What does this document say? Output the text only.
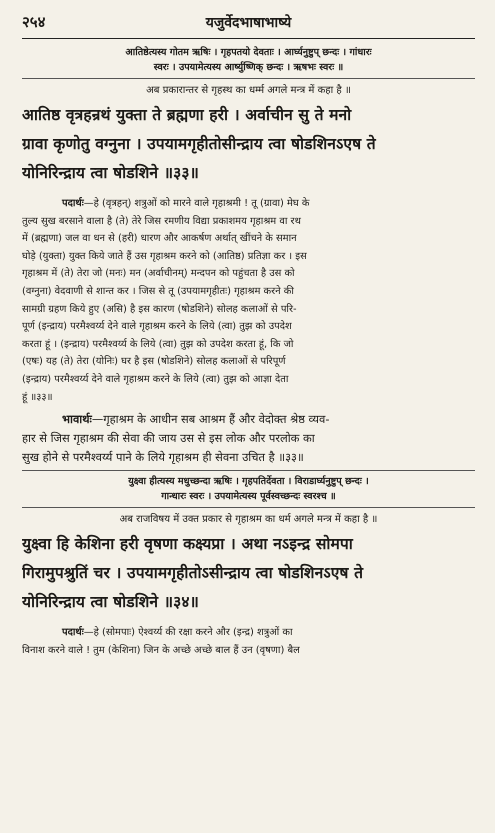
२५४	यजुर्वेदभाषाभाष्ये
आतिष्ठेत्यस्य गोतम ऋषिः । गृहपतयो देवताः । आर्घ्यनुष्टुप् छन्दः । गांधारः
स्वरः । उपयामेत्यस्य आर्ष्युष्णिक् छन्दः । ऋषभः स्वरः ॥
अब प्रकारान्तर से गृहस्थ का धर्म्म अगले मन्त्र में कहा है ॥
आतिष्ठ वृत्रहन्रथं युक्ता ते ब्रह्मणा हरी । अर्वाचीन सु ते मनो
ग्रावा कृणोतु वग्नुना । उपयामगृहीतोसीन्द्राय त्वा षोडशिनऽएष ते
योनिरिन्द्राय त्वा षोडशिने ॥३३॥
पदार्थः—हे (वृत्रहन्) शत्रुओं को मारने वाले गृहाश्रमी ! तू (ग्रावा) मेघ के
तुल्य सुख बरसाने वाला है (ते) तेरे जिस रमणीय विद्या प्रकाशमय गृहाश्रम वा रथ
में (ब्रह्मणा) जल वा धन से (हरी) धारण और आकर्षण अर्थात् खींचने के समान
घोड़े (युक्ता) युक्त किये जाते हैं उस गृहाश्रम करने को (आतिष्ठ) प्रतिज्ञा कर । इस
गृहाश्रम में (ते) तेरा जो (मनः) मन (अर्वाचीनम्) मन्दपन को पहुंचता है उस को
(वग्नुना) वेदवाणी से शान्त कर । जिस से तू (उपयामगृहीतः) गृहाश्रम करने की
सामग्री ग्रहण किये हुए (असि) है इस कारण (षोडशिने) सोलह कलाओं से परि-
पूर्ण (इन्द्राय) परमैश्वर्य्य देने वाले गृहाश्रम करने के लिये (त्वा) तुझ को उपदेश
करता हूं । (इन्द्राय) परमैश्वर्य्य के लिये (त्वा) तुझ को उपदेश करता हूं, कि जो
(एषः) यह (ते) तेरा (योनिः) घर है इस (षोडशिने) सोलह कलाओं से परिपूर्ण
(इन्द्राय) परमैश्वर्य्य देने वाले गृहाश्रम करने के लिये (त्वा) तुझ को आज्ञा देता
हूं ॥३३॥
भावार्थः—गृहाश्रम के आधीन सब आश्रम हैं और वेदोक्त श्रेष्ठ व्यव-
हार से जिस गृहाश्रम की सेवा की जाय उस से इस लोक और परलोक का
सुख होने से परमैश्वर्य्य पाने के लिये गृहाश्रम ही सेवना उचित है ॥३३॥
युक्ष्वा हीत्यस्य मधुच्छन्दा ऋषिः । गृहपतिर्देवता । विराडार्घ्यनुष्टुप् छन्दः ।
गान्धारः स्वरः । उपयामेत्यस्य पूर्वस्वच्छन्दः स्वरश्च ॥
अब राजविषय में उक्त प्रकार से गृहाश्रम का धर्म अगले मन्त्र में कहा है ॥
युक्ष्वा हि केशिना हरी वृषणा कक्ष्यप्रा । अथा नऽइन्द्र सोमपा
गिरामुपश्रुतिं चर । उपयामगृहीतोऽसीन्द्राय त्वा षोडशिनऽएष ते
योनिरिन्द्राय त्वा षोडशिने ॥३४॥
पदार्थः—हे (सोमपाः) ऐश्वर्य्य की रक्षा करने और (इन्द्र) शत्रुओं का
विनाश करने वाले ! तुम (केशिना) जिन के अच्छे अच्छे बाल हैं उन (वृषणा) बैल
